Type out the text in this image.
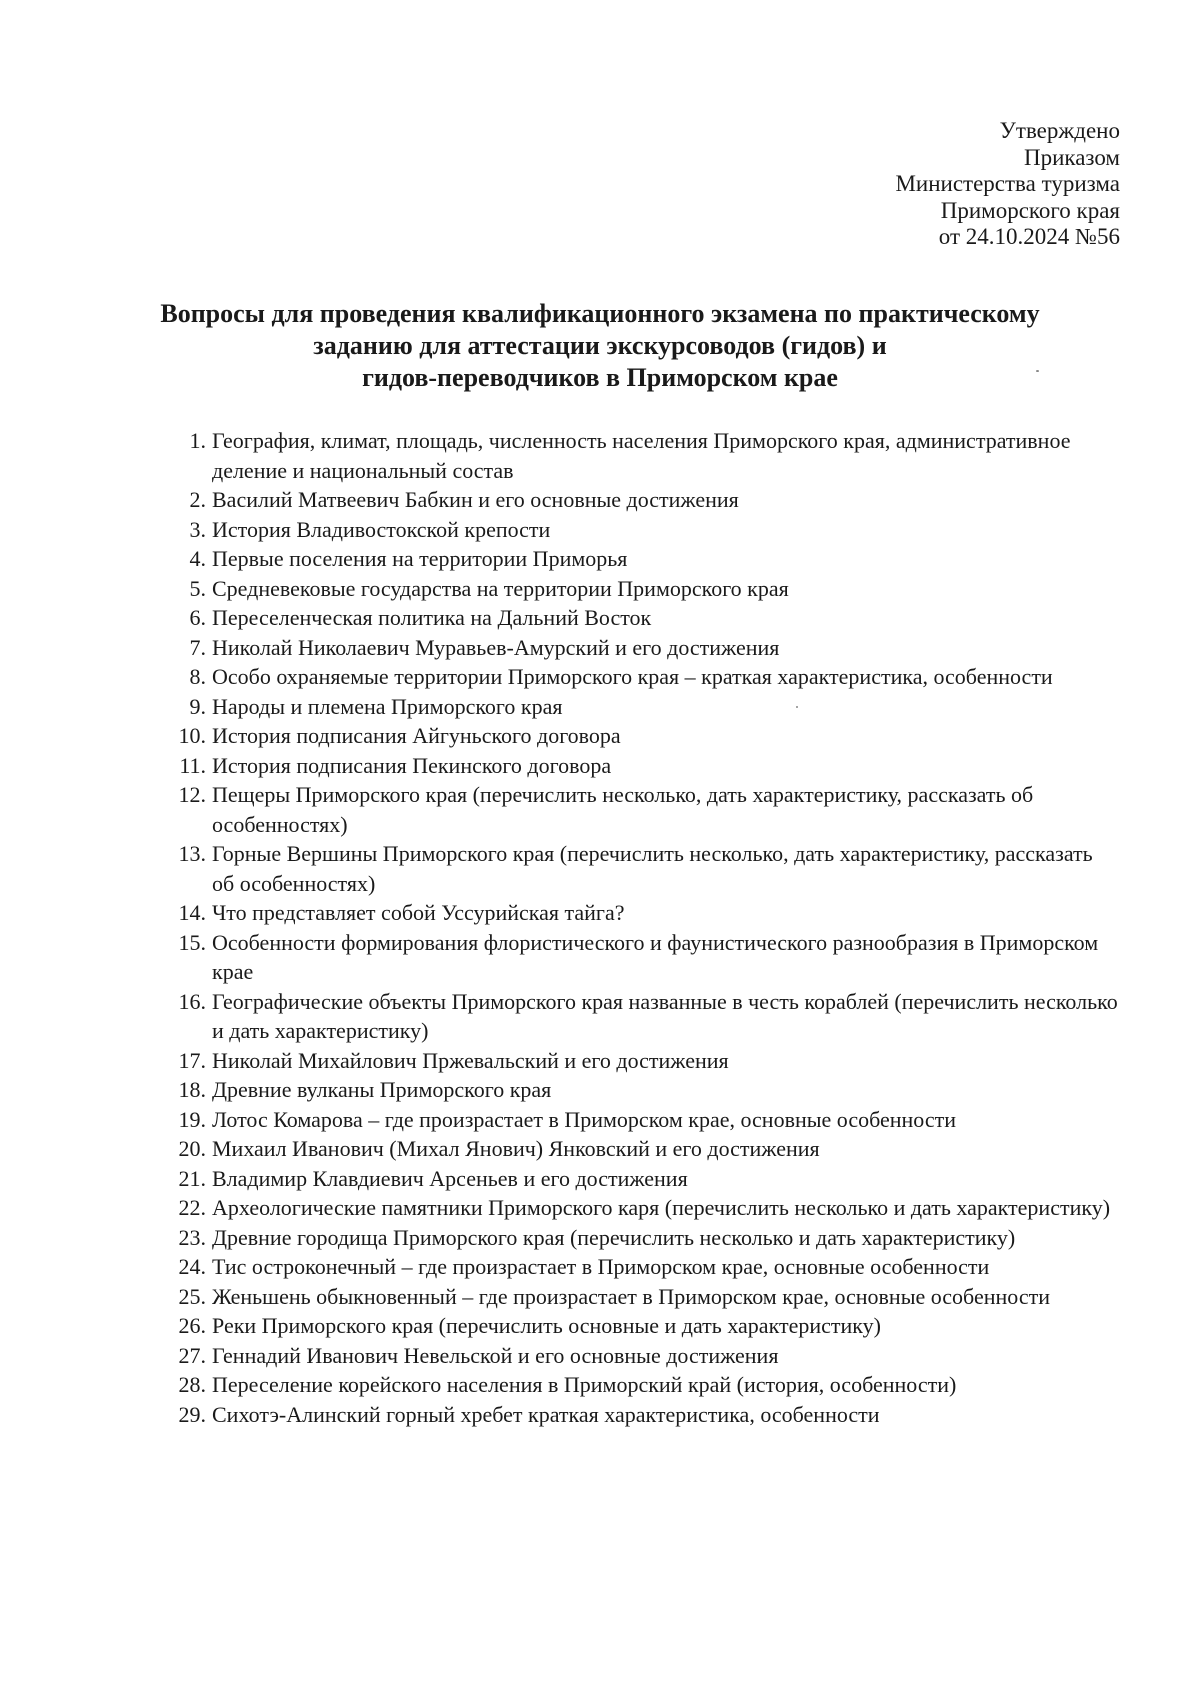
Утверждено
Приказом
Министерства туризма
Приморского края
от 24.10.2024 №56
Вопросы для проведения квалификационного экзамена по практическому
заданию для аттестации экскурсоводов (гидов) и
гидов-переводчиков в Приморском крае
1. География, климат, площадь, численность населения Приморского края, административное деление и национальный состав
2. Василий Матвеевич Бабкин и его основные достижения
3. История Владивостокской крепости
4. Первые поселения на территории Приморья
5. Средневековые государства на территории Приморского края
6. Переселенческая политика на Дальний Восток
7. Николай Николаевич Муравьев-Амурский и его достижения
8. Особо охраняемые территории Приморского края – краткая характеристика, особенности
9. Народы и племена Приморского края
10. История подписания Айгуньского договора
11. История подписания Пекинского договора
12. Пещеры Приморского края (перечислить несколько, дать характеристику, рассказать об особенностях)
13. Горные Вершины Приморского края (перечислить несколько, дать характеристику, рассказать об особенностях)
14. Что представляет собой Уссурийская тайга?
15. Особенности формирования флористического и фаунистического разнообразия в Приморском крае
16. Географические объекты Приморского края названные в честь кораблей (перечислить несколько и дать характеристику)
17. Николай Михайлович Пржевальский и его достижения
18. Древние вулканы Приморского края
19. Лотос Комарова – где произрастает в Приморском крае, основные особенности
20. Михаил Иванович (Михал Янович) Янковский и его достижения
21. Владимир Клавдиевич Арсеньев и его достижения
22. Археологические памятники Приморского каря (перечислить несколько и дать характеристику)
23. Древние городища Приморского края (перечислить несколько и дать характеристику)
24. Тис остроконечный – где произрастает в Приморском крае, основные особенности
25. Женьшень обыкновенный – где произрастает в Приморском крае, основные особенности
26. Реки Приморского края (перечислить основные и дать характеристику)
27. Геннадий Иванович Невельской и его основные достижения
28. Переселение корейского населения в Приморский край (история, особенности)
29. Сихотэ-Алинский горный хребет краткая характеристика, особенности
